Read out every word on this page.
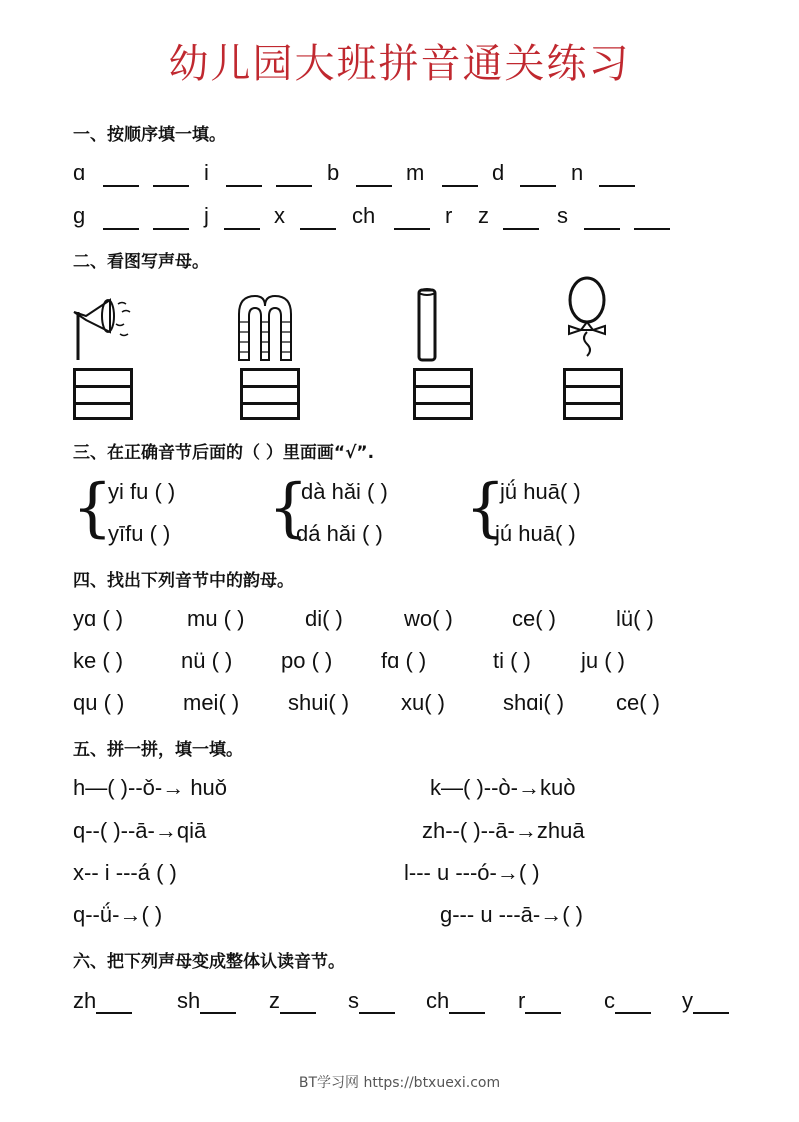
幼儿园大班拼音通关练习
一、按顺序填一填。
ɑ	i	b	m	d	n
g	j	x	ch	r z	s
二、看图写声母。
三、在正确音节后面的（ ）里面画“√”.
{
yi fu ( )
yīfu ( ) {
dà hǎi ( )
dá hǎi ( ) {
jǘ huā( )
jú huā( )
四、找出下列音节中的韵母。
yɑ ( )	mu ( )	di( )	wo( )	ce( )	lü( )
ke ( )	nü ( ) po ( ) fɑ ( )	ti ( ) ju ( )
qu ( )	mei( ) shui( ) xu( )	shɑi( ) ce( )
五、拼一拼，填一填。
h—( )--ǒ-→ huǒ
q--( )--ā-→qiā
x-- i ---á ( )
q--ǘ-→( )
k—( )--ò-→kuò
zh--( )--ā-→zhuā
l--- u ---ó-→( )
g--- u ---ā-→( )
六、把下列声母变成整体认读音节。
zh	sh	z	s	ch	r	c	y
BT学习网 https://btxuexi.com
